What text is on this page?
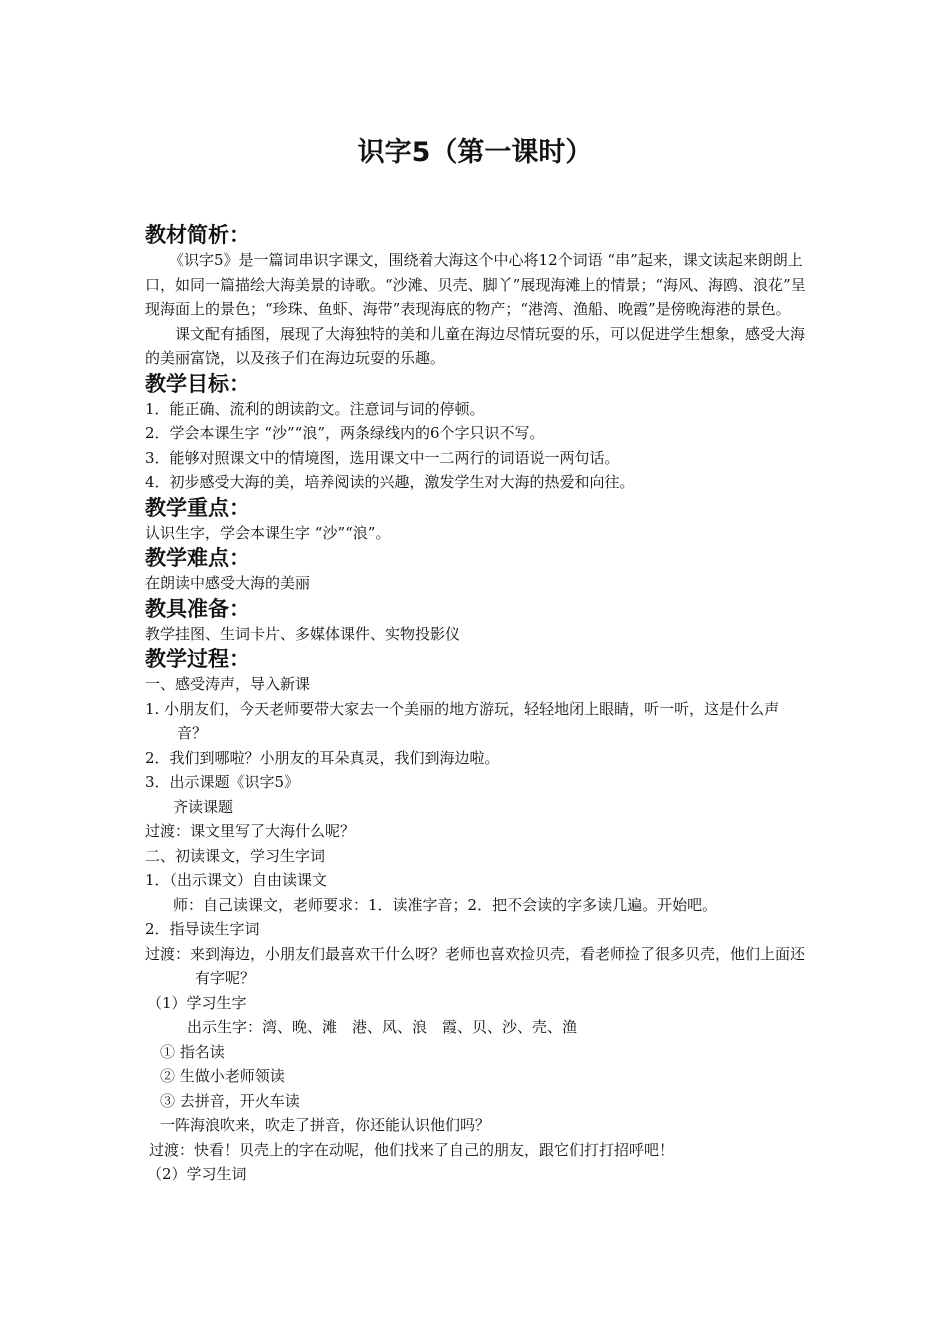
识字5（第一课时）
教材简析：

《识字5》是一篇词串识字课文，围绕着大海这个中心将12个词语 “串”起来，课文读起来朗朗上口，如同一篇描绘大海美景的诗歌。“沙滩、贝壳、脚丫”展现海滩上的情景；“海风、海鸥、浪花”呈现海面上的景色；“珍珠、鱼虾、海带”表现海底的物产；“港湾、渔船、晚霞”是傍晚海港的景色。

课文配有插图，展现了大海独特的美和儿童在海边尽情玩耍的乐，可以促进学生想象，感受大海的美丽富饶，以及孩子们在海边玩耍的乐趣。

教学目标：

1．能正确、流利的朗读韵文。注意词与词的停顿。

2．学会本课生字 “沙”“浪”，两条绿线内的6个字只识不写。

3．能够对照课文中的情境图，选用课文中一二两行的词语说一两句话。

4．初步感受大海的美，培养阅读的兴趣，激发学生对大海的热爱和向往。

教学重点：

认识生字，学会本课生字 “沙”“浪”。

教学难点：

在朗读中感受大海的美丽

教具准备：

教学挂图、生词卡片、多媒体课件、实物投影仪

教学过程：

一、感受涛声，导入新课

1. 小朋友们，今天老师要带大家去一个美丽的地方游玩，轻轻地闭上眼睛，听一听，这是什么声音？

2．我们到哪啦？小朋友的耳朵真灵，我们到海边啦。

3．出示课题《识字5》

齐读课题

过渡：课文里写了大海什么呢？

二、初读课文，学习生字词

1．（出示课文）自由读课文

师：自己读课文，老师要求：1．读准字音；2．把不会读的字多读几遍。开始吧。

2．指导读生字词

过渡：来到海边，小朋友们最喜欢干什么呀？老师也喜欢捡贝壳，看老师捡了很多贝壳，他们上面还有字呢？

（1）学习生字

出示生字：湾、晚、滩　港、风、浪　霞、贝、沙、壳、渔

① 指名读

② 生做小老师领读

③ 去拼音，开火车读

一阵海浪吹来，吹走了拼音，你还能认识他们吗？

过渡：快看！贝壳上的字在动呢，他们找来了自己的朋友，跟它们打打招呼吧！

（2）学习生词
